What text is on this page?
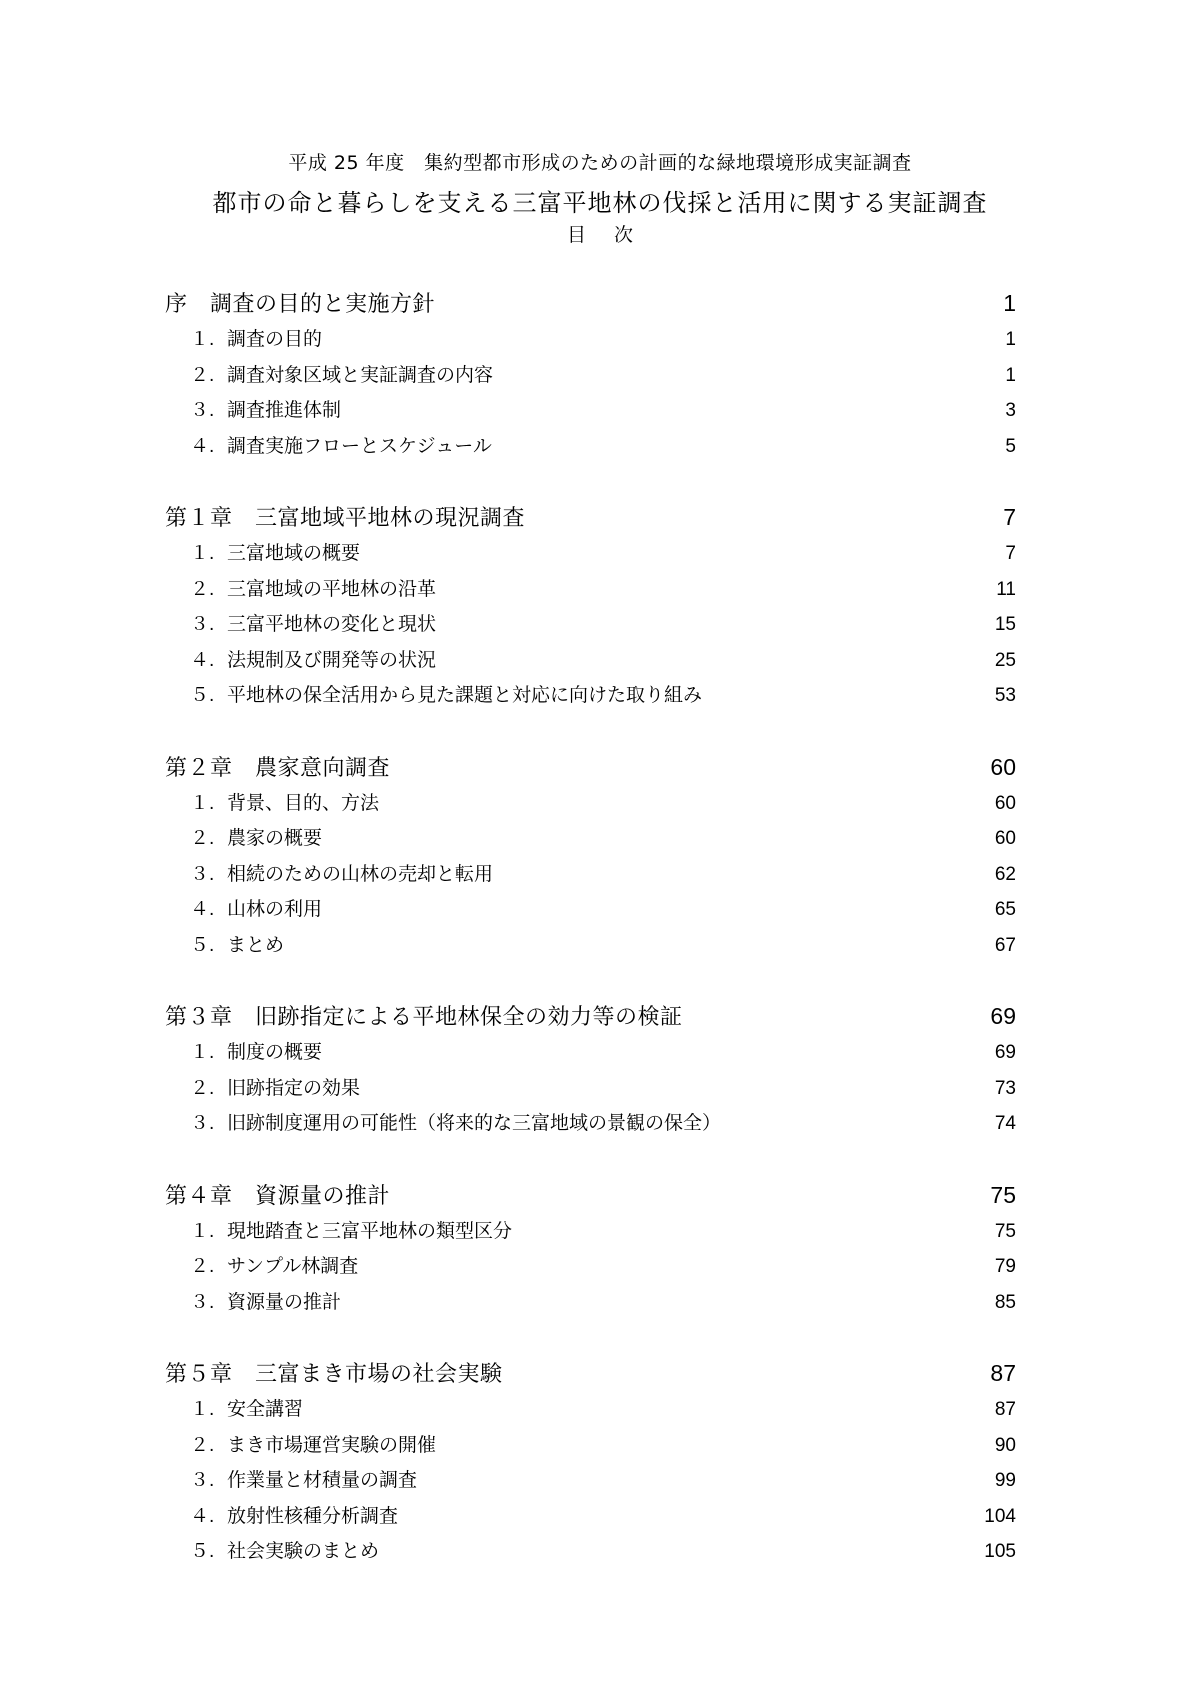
平成 25 年度　集約型都市形成のための計画的な緑地環境形成実証調査
都市の命と暮らしを支える三富平地林の伐採と活用に関する実証調査
目次
序　調査の目的と実施方針	1
１. 調査の目的	1
２. 調査対象区域と実証調査の内容	1
３. 調査推進体制	3
４. 調査実施フローとスケジュール	5
第１章　三富地域平地林の現況調査	7
１. 三富地域の概要	7
２. 三富地域の平地林の沿革	11
３. 三富平地林の変化と現状	15
４. 法規制及び開発等の状況	25
５. 平地林の保全活用から見た課題と対応に向けた取り組み	53
第２章　農家意向調査	60
１. 背景、目的、方法	60
２. 農家の概要	60
３. 相続のための山林の売却と転用	62
４. 山林の利用	65
５. まとめ	67
第３章　旧跡指定による平地林保全の効力等の検証	69
１. 制度の概要	69
２. 旧跡指定の効果	73
３. 旧跡制度運用の可能性（将来的な三富地域の景観の保全）	74
第４章　資源量の推計	75
１. 現地踏査と三富平地林の類型区分	75
２. サンプル林調査	79
３. 資源量の推計	85
第５章　三富まき市場の社会実験	87
１. 安全講習	87
２. まき市場運営実験の開催	90
３. 作業量と材積量の調査	99
４. 放射性核種分析調査	104
５. 社会実験のまとめ	105
